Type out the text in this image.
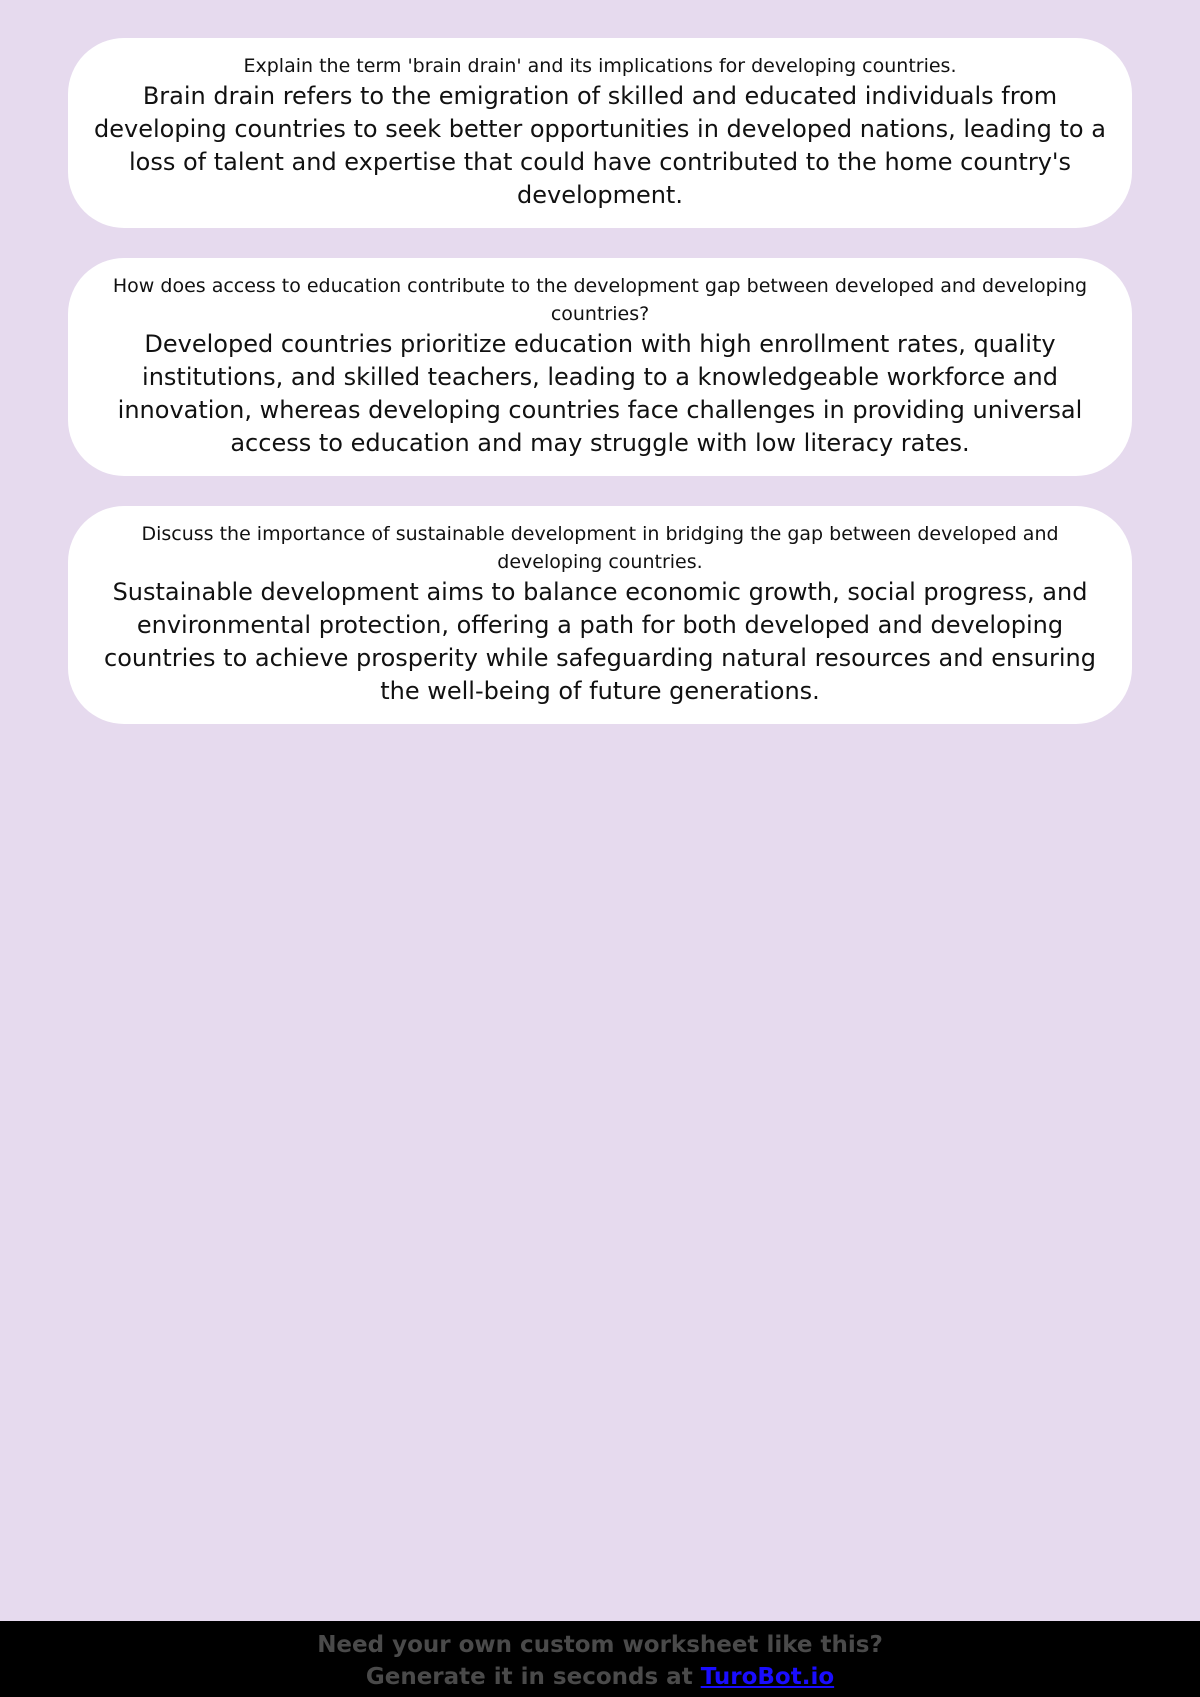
Explain the term 'brain drain' and its implications for developing countries.
Brain drain refers to the emigration of skilled and educated individuals from developing countries to seek better opportunities in developed nations, leading to a loss of talent and expertise that could have contributed to the home country's development.
How does access to education contribute to the development gap between developed and developing countries?
Developed countries prioritize education with high enrollment rates, quality institutions, and skilled teachers, leading to a knowledgeable workforce and innovation, whereas developing countries face challenges in providing universal access to education and may struggle with low literacy rates.
Discuss the importance of sustainable development in bridging the gap between developed and developing countries.
Sustainable development aims to balance economic growth, social progress, and environmental protection, offering a path for both developed and developing countries to achieve prosperity while safeguarding natural resources and ensuring the well-being of future generations.
Need your own custom worksheet like this?
Generate it in seconds at TuroBot.io
